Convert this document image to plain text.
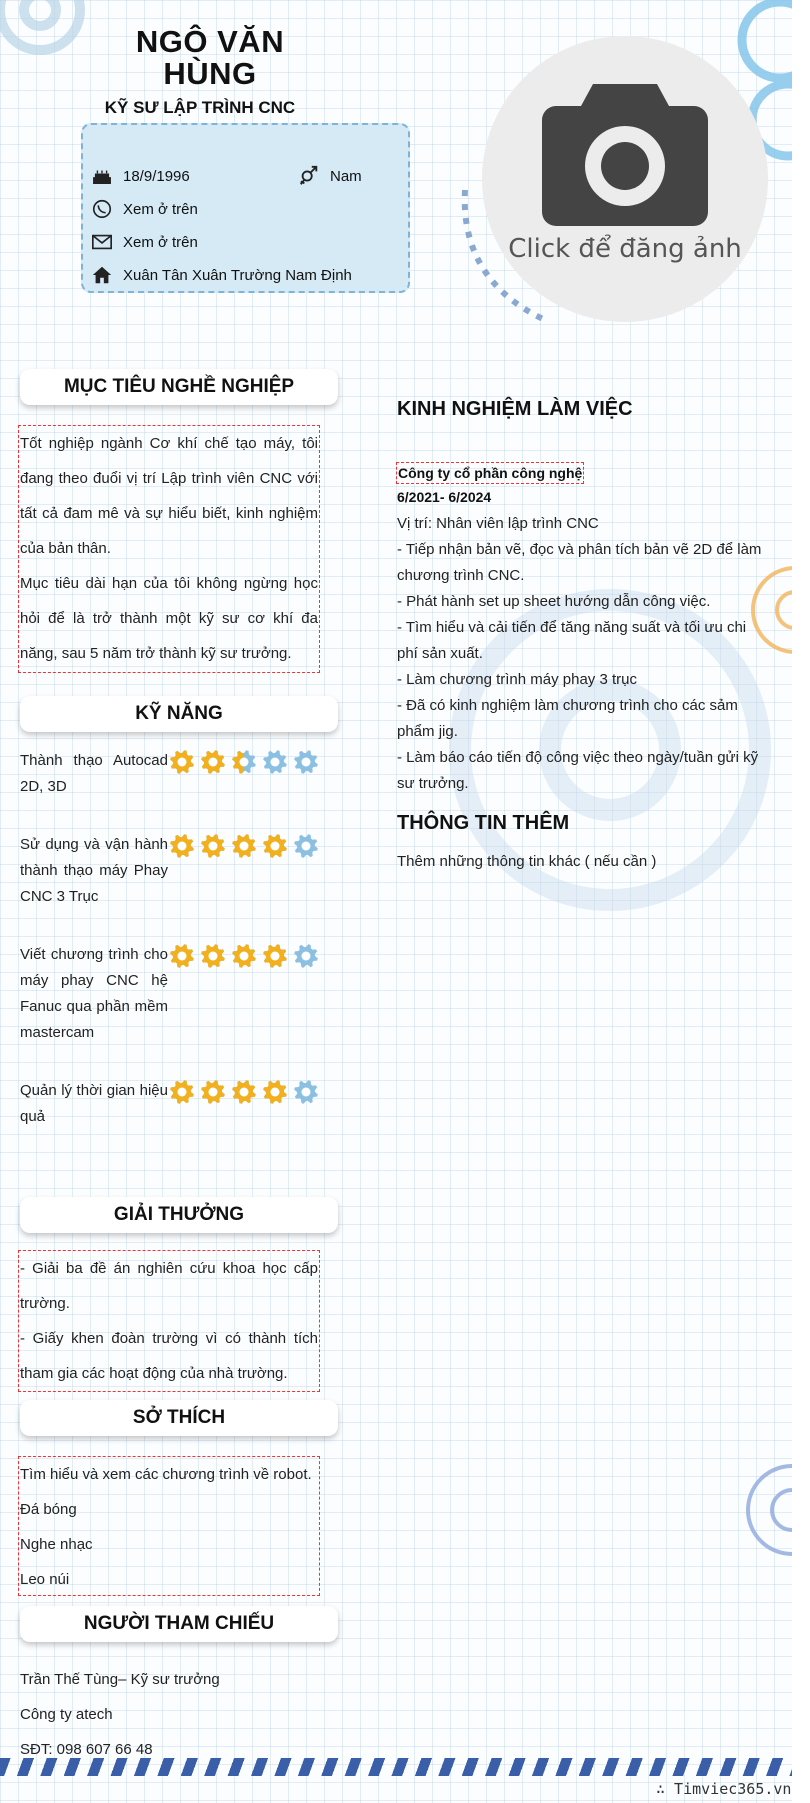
NGÔ VĂN
HÙNG
KỸ SƯ LẬP TRÌNH CNC
18/9/1996	Nam
Xem ở trên
Xem ở trên
Xuân Tân Xuân Trường Nam Định
Click để đăng ảnh
MỤC TIÊU NGHỀ NGHIỆP
Tốt nghiệp ngành Cơ khí chế tạo máy, tôi đang theo đuổi vị trí Lập trình viên CNC với tất cả đam mê và sự hiểu biết, kinh nghiệm của bản thân.
Mục tiêu dài hạn của tôi không ngừng học hỏi để là trở thành một kỹ sư cơ khí đa năng, sau 5 năm trở thành kỹ sư trưởng.
KỸ NĂNG
Thành thạo Autocad 2D, 3D
Sử dụng và vận hành thành thạo máy Phay CNC 3 Trục
Viết chương trình cho máy phay CNC hệ Fanuc qua phần mềm mastercam
Quản lý thời gian hiệu quả
GIẢI THƯỞNG
- Giải ba đề án nghiên cứu khoa học cấp trường.
- Giấy khen đoàn trường vì có thành tích tham gia các hoạt động của nhà trường.
SỞ THÍCH
Tìm hiểu và xem các chương trình về robot.
Đá bóng
Nghe nhạc
Leo núi
NGƯỜI THAM CHIẾU
Trần Thế Tùng– Kỹ sư trưởng
Công ty atech
SĐT: 098 607 66 48
KINH NGHIỆM LÀM VIỆC
Công ty cổ phần công nghệ
6/2021- 6/2024
Vị trí: Nhân viên lập trình CNC
- Tiếp nhận bản vẽ, đọc và phân tích bản vẽ 2D để làm chương trình CNC.
- Phát hành set up sheet hướng dẫn công việc.
- Tìm hiểu và cải tiến để tăng năng suất và tối ưu chi phí sản xuất.
- Làm chương trình máy phay 3 trục
- Đã có kinh nghiệm làm chương trình cho các sảm phẩm jig.
- Làm báo cáo tiến độ công việc theo ngày/tuần gửi kỹ sư trưởng.
THÔNG TIN THÊM
Thêm những thông tin khác ( nếu cần )
∴ Timviec365.vn
